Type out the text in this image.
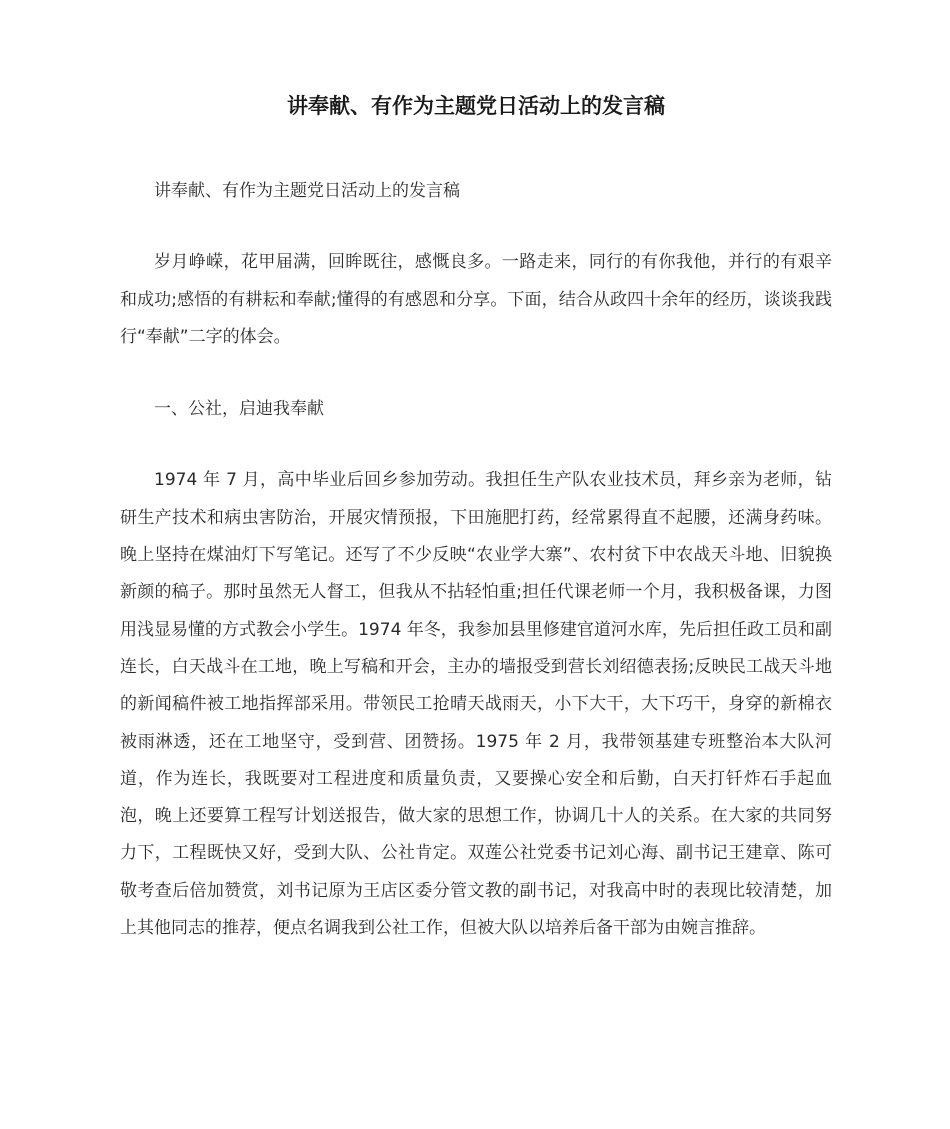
讲奉献、有作为主题党日活动上的发言稿

讲奉献、有作为主题党日活动上的发言稿

岁月峥嵘，花甲届满，回眸既往，感慨良多。一路走来，同行的有你我他，并行的有艰辛和成功;感悟的有耕耘和奉献;懂得的有感恩和分享。下面，结合从政四十余年的经历，谈谈我践行“奉献”二字的体会。

一、公社，启迪我奉献

1974 年 7 月，高中毕业后回乡参加劳动。我担任生产队农业技术员，拜乡亲为老师，钻研生产技术和病虫害防治，开展灾情预报，下田施肥打药，经常累得直不起腰，还满身药味。晚上坚持在煤油灯下写笔记。还写了不少反映“农业学大寨”、农村贫下中农战天斗地、旧貌换新颜的稿子。那时虽然无人督工，但我从不拈轻怕重;担任代课老师一个月，我积极备课，力图用浅显易懂的方式教会小学生。1974 年冬，我参加县里修建官道河水库，先后担任政工员和副连长，白天战斗在工地，晚上写稿和开会，主办的墙报受到营长刘绍德表扬;反映民工战天斗地的新闻稿件被工地指挥部采用。带领民工抢晴天战雨天，小下大干，大下巧干，身穿的新棉衣被雨淋透，还在工地坚守，受到营、团赞扬。1975 年 2 月，我带领基建专班整治本大队河道，作为连长，我既要对工程进度和质量负责，又要操心安全和后勤，白天打钎炸石手起血泡，晚上还要算工程写计划送报告，做大家的思想工作，协调几十人的关系。在大家的共同努力下，工程既快又好，受到大队、公社肯定。双莲公社党委书记刘心海、副书记王建章、陈可敬考查后倍加赞赏，刘书记原为王店区委分管文教的副书记，对我高中时的表现比较清楚，加上其他同志的推荐，便点名调我到公社工作，但被大队以培养后备干部为由婉言推辞。
